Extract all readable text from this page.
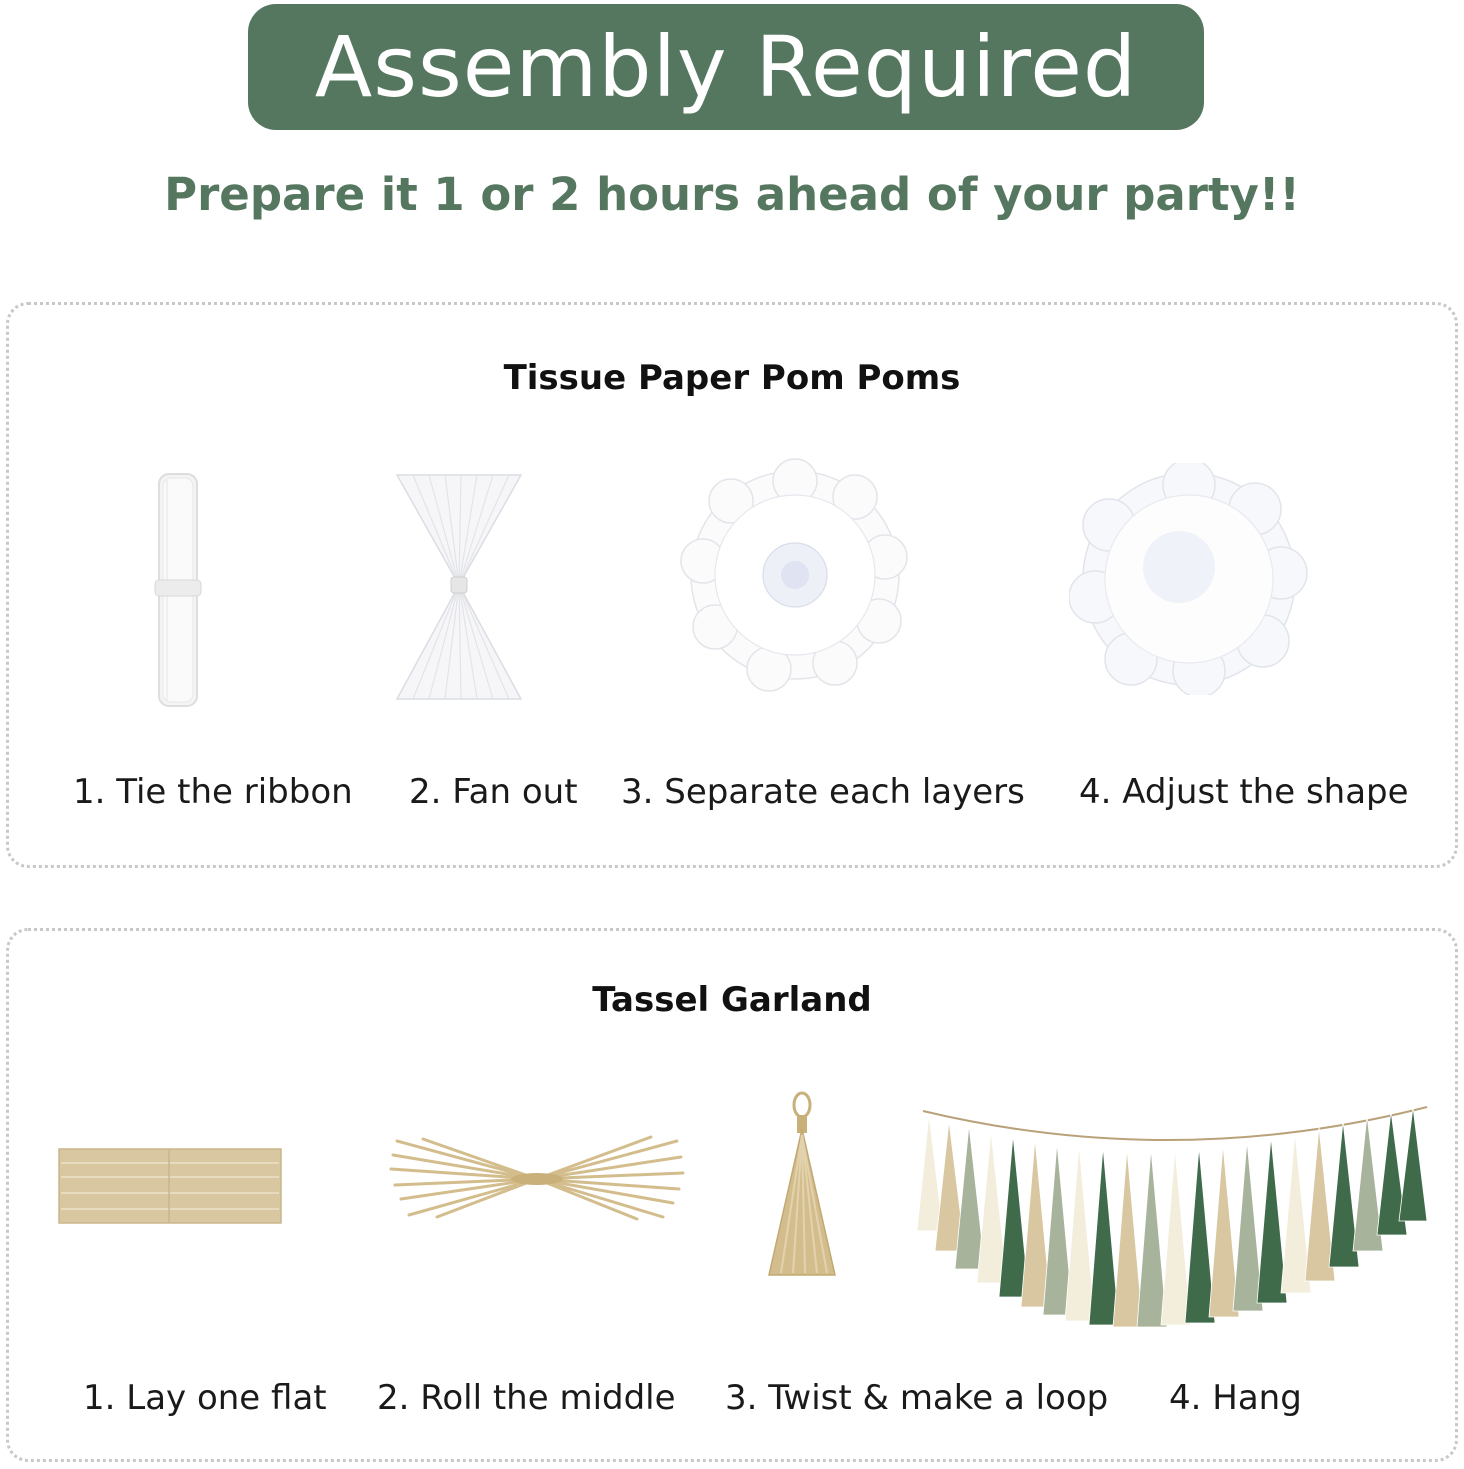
Assembly Required
Prepare it 1 or 2 hours ahead of your party!!
Tissue Paper Pom Poms
1. Tie the ribbon 2. Fan out 3. Separate each layers 4. Adjust the shape
Tassel Garland
1. Lay one flat 2. Roll the middle 3. Twist & make a loop 4. Hang
